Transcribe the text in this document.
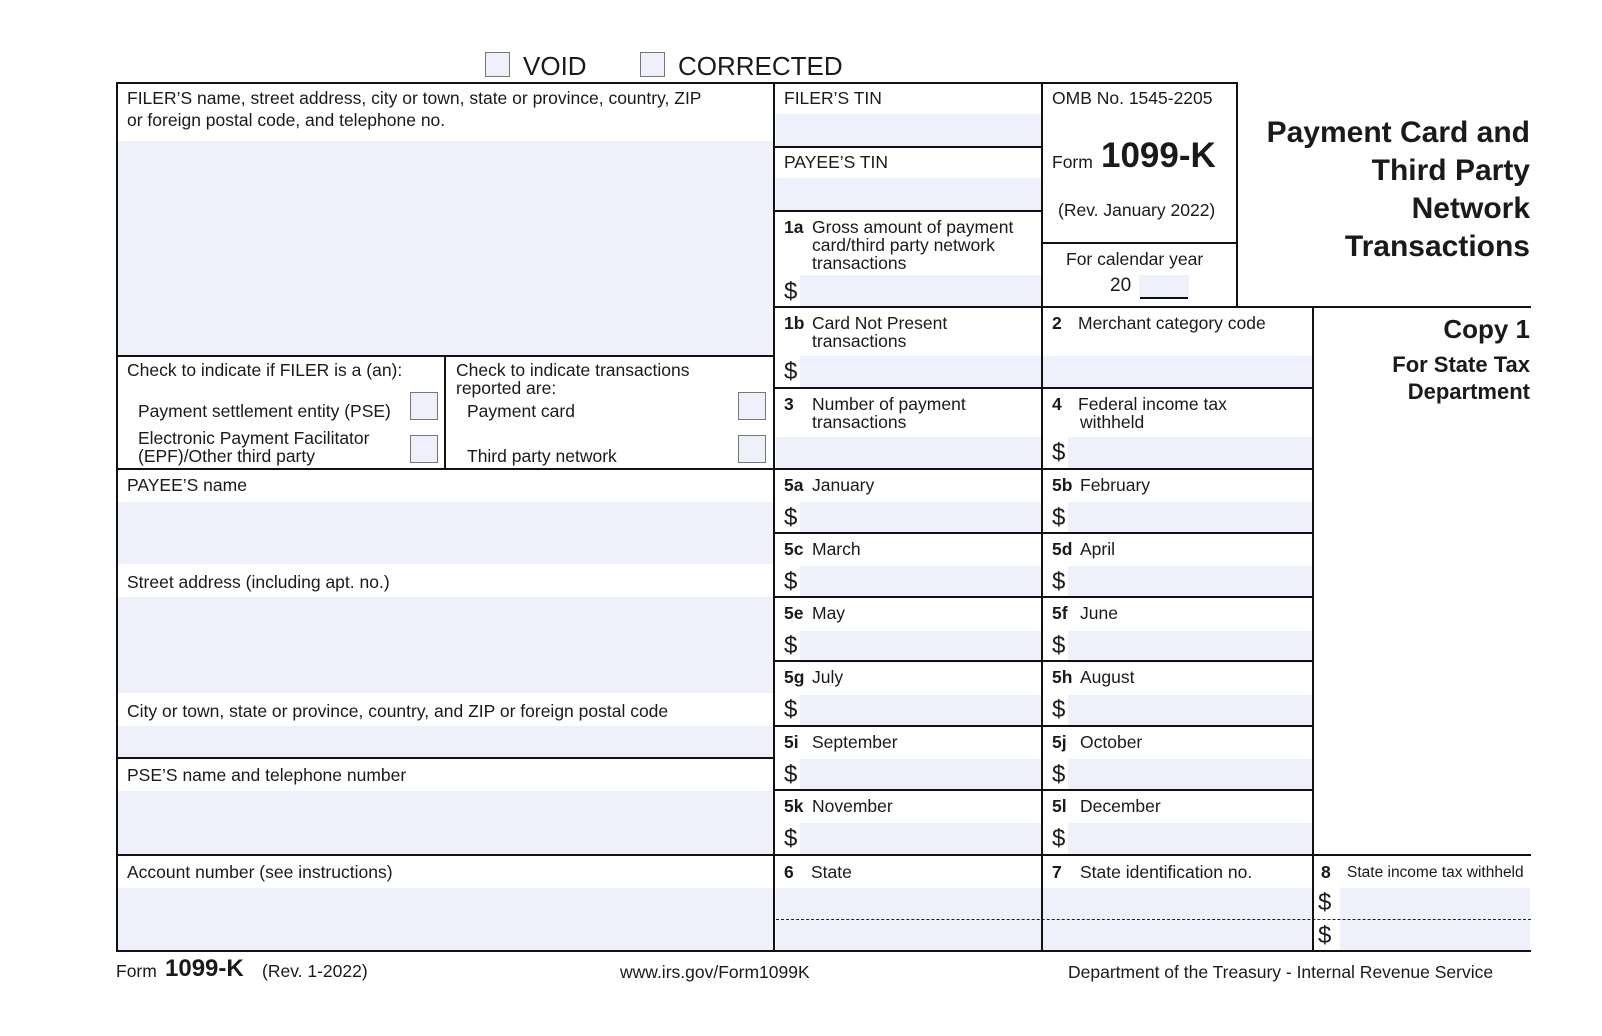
VOID	CORRECTED
FILER’S name, street address, city or town, state or province, country, ZIP
or foreign postal code, and telephone no.
FILER’S TIN
PAYEE’S TIN
OMB No. 1545-2205
Form 1099-K
(Rev. January 2022)
For calendar year
20
Payment Card and
Third Party
Network
Transactions
Copy 1
For State Tax
Department
Check to indicate if FILER is a (an):
Payment settlement entity (PSE)
Electronic Payment Facilitator
(EPF)/Other third party
Check to indicate transactions
reported are:
Payment card
Third party network
PAYEE’S name
Street address (including apt. no.)
City or town, state or province, country, and ZIP or foreign postal code
PSE’S name and telephone number
Account number (see instructions)
1a Gross amount of payment
card/third party network
transactions
$
1b Card Not Present
transactions
$
2 Merchant category code
3 Number of payment
transactions
4 Federal income tax
withheld
$
5a January
$
5b February
$
5c March
$
5d April
$
5e May
$
5f June
$
5g July
$
5h August
$
5i September
$
5j October
$
5k November
$
5l December
$
6 State	7 State identification no.	8 State income tax withheld
$
$
Form 1099-K (Rev. 1-2022)	www.irs.gov/Form1099K	Department of the Treasury - Internal Revenue Service
